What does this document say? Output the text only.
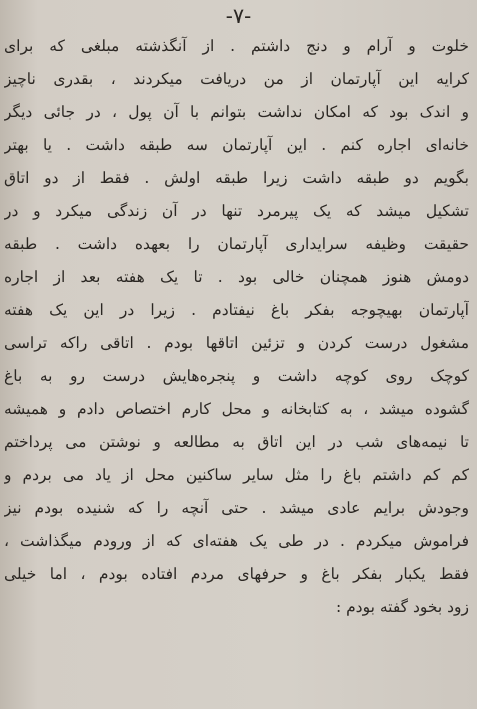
-۷-
خلوت و آرام و دنج داشتم . از آنگذشته مبلغی که برای
کرایه این آپارتمان از من دریافت میکردند ، بقدری ناچیز
و اندک بود که امکان نداشت بتوانم با آن پول ، در جائی دیگر
خانه‌ای اجاره کنم . این آپارتمان سه طبقه داشت . یا بهتر
بگویم دو طبقه داشت زیرا طبقه اولش . فقط از دو اتاق
تشکیل میشد که یک پیرمرد تنها در آن زندگی میکرد و در
حقیقت وظیفه سرایداری آپارتمان را بعهده داشت . طبقه
دومش هنوز همچنان خالی بود . تا یک هفته بعد از اجاره
آپارتمان بهیچوجه بفکر باغ نیفتادم . زیرا در این یک هفته
مشغول درست کردن و تزئین اتاقها بودم . اتاقی راکه تراسی
کوچک روی کوچه داشت و پنجره‌هایش درست رو به باغ
گشوده میشد ، به کتابخانه و محل کارم اختصاص دادم و همیشه
تا نیمه‌های شب در این اتاق به مطالعه و نوشتن می پرداختم
کم کم داشتم باغ را مثل سایر ساکنین محل از یاد می بردم و
وجودش برایم عادی میشد . حتی آنچه را که شنیده بودم نیز
فراموش میکردم . در طی یک هفته‌ای که از ورودم میگذاشت ،
فقط یکبار بفکر باغ و حرفهای مردم افتاده بودم ، اما خیلی
زود بخود گفته بودم :
